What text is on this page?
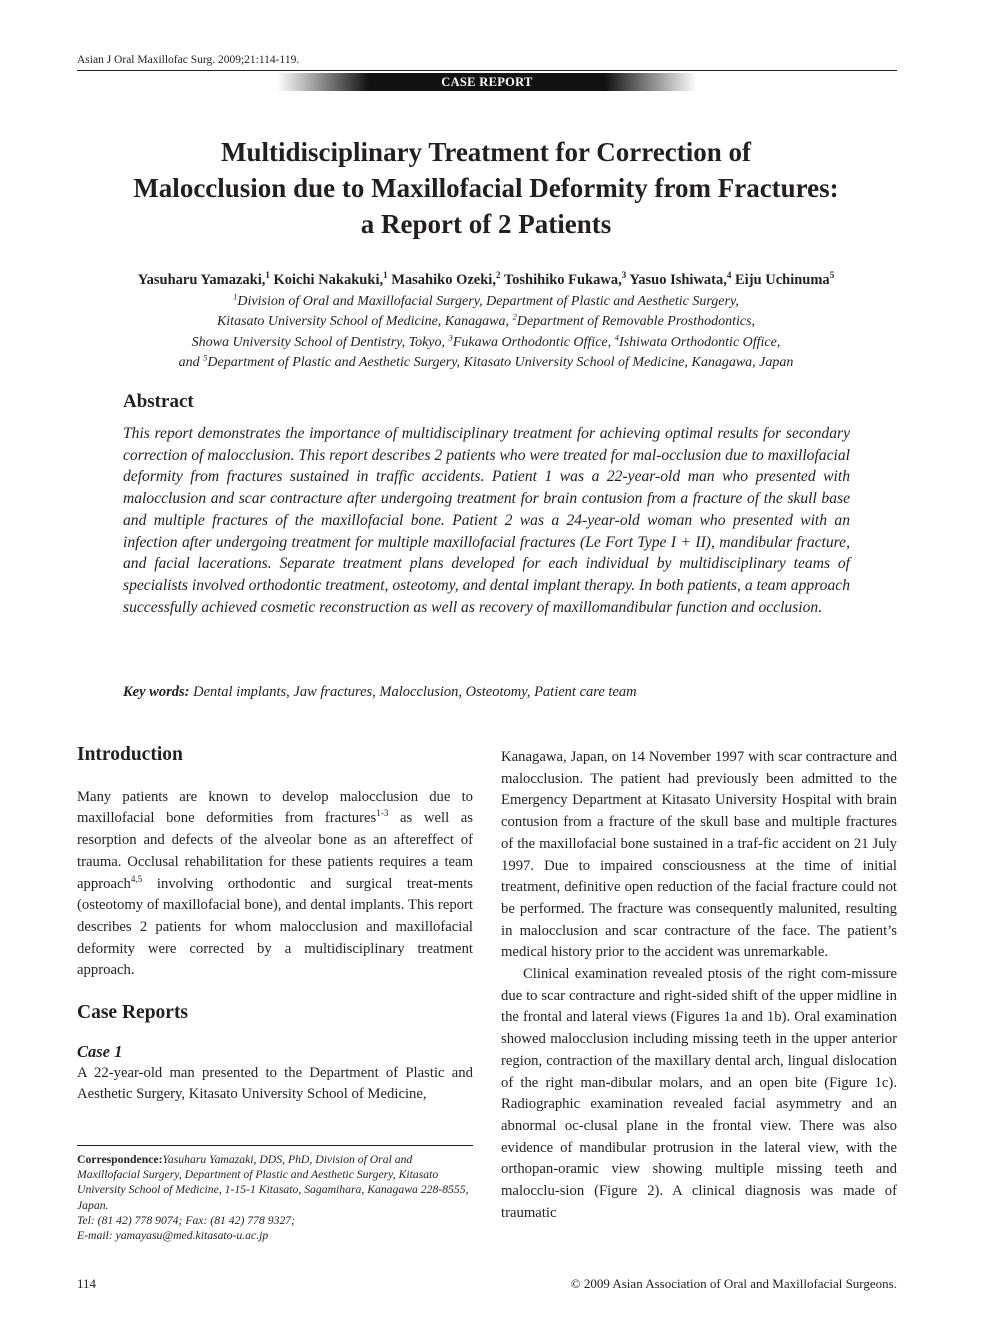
Asian J Oral Maxillofac Surg. 2009;21:114-119.
CASE REPORT
Multidisciplinary Treatment for Correction of
Malocclusion due to Maxillofacial Deformity from Fractures:
a Report of 2 Patients
Yasuharu Yamazaki,$^1$ Koichi Nakakuki,$^1$ Masahiko Ozeki,$^2$ Toshihiko Fukawa,$^3$ Yasuo Ishiwata,$^4$ Eiju Uchinuma$^5$
$^1$Division of Oral and Maxillofacial Surgery, Department of Plastic and Aesthetic Surgery,
Kitasato University School of Medicine, Kanagawa, $^2$Department of Removable Prosthodontics,
Showa University School of Dentistry, Tokyo, $^3$Fukawa Orthodontic Office, $^4$Ishiwata Orthodontic Office,
and $^5$Department of Plastic and Aesthetic Surgery, Kitasato University School of Medicine, Kanagawa, Japan
Abstract
This report demonstrates the importance of multidisciplinary treatment for achieving optimal results for secondary correction of malocclusion. This report describes 2 patients who were treated for mal-occlusion due to maxillofacial deformity from fractures sustained in traffic accidents. Patient 1 was a 22-year-old man who presented with malocclusion and scar contracture after undergoing treatment for brain contusion from a fracture of the skull base and multiple fractures of the maxillofacial bone. Patient 2 was a 24-year-old woman who presented with an infection after undergoing treatment for multiple maxillofacial fractures (Le Fort Type I + II), mandibular fracture, and facial lacerations. Separate treatment plans developed for each individual by multidisciplinary teams of specialists involved orthodontic treatment, osteotomy, and dental implant therapy. In both patients, a team approach successfully achieved cosmetic reconstruction as well as recovery of maxillomandibular function and occlusion.
Key words: Dental implants, Jaw fractures, Malocclusion, Osteotomy, Patient care team
Introduction

Many patients are known to develop malocclusion due to maxillofacial bone deformities from fractures$^{1-3}$ as well as resorption and defects of the alveolar bone as an aftereffect of trauma. Occlusal rehabilitation for these patients requires a team approach$^{4,5}$ involving orthodontic and surgical treat-ments (osteotomy of maxillofacial bone), and dental implants. This report describes 2 patients for whom malocclusion and maxillofacial deformity were corrected by a multidisciplinary treatment approach.

Case Reports
Case 1

A 22-year-old man presented to the Department of Plastic and Aesthetic Surgery, Kitasato University School of Medicine,

Kanagawa, Japan, on 14 November 1997 with scar contracture and malocclusion. The patient had previously been admitted to the Emergency Department at Kitasato University Hospital with brain contusion from a fracture of the skull base and multiple fractures of the maxillofacial bone sustained in a traf-fic accident on 21 July 1997. Due to impaired consciousness at the time of initial treatment, definitive open reduction of the facial fracture could not be performed. The fracture was consequently malunited, resulting in malocclusion and scar contracture of the face. The patient’s medical history prior to the accident was unremarkable.

Clinical examination revealed ptosis of the right com-missure due to scar contracture and right-sided shift of the upper midline in the frontal and lateral views (Figures 1a and 1b). Oral examination showed malocclusion including missing teeth in the upper anterior region, contraction of the maxillary dental arch, lingual dislocation of the right man-dibular molars, and an open bite (Figure 1c). Radiographic examination revealed facial asymmetry and an abnormal oc-clusal plane in the frontal view. There was also evidence of mandibular protrusion in the lateral view, with the orthopan-oramic view showing multiple missing teeth and malocclu-sion (Figure 2). A clinical diagnosis was made of traumatic

Correspondence:Yasuharu Yamazaki, DDS, PhD, Division of Oral and Maxillofacial Surgery, Department of Plastic and Aesthetic Surgery, Kitasato University School of Medicine, 1-15-1 Kitasato, Sagamihara, Kanagawa 228-8555, Japan.
Tel: (81 42) 778 9074; Fax: (81 42) 778 9327;
E-mail: yamayasu@med.kitasato-u.ac.jp
114	© 2009 Asian Association of Oral and Maxillofacial Surgeons.
